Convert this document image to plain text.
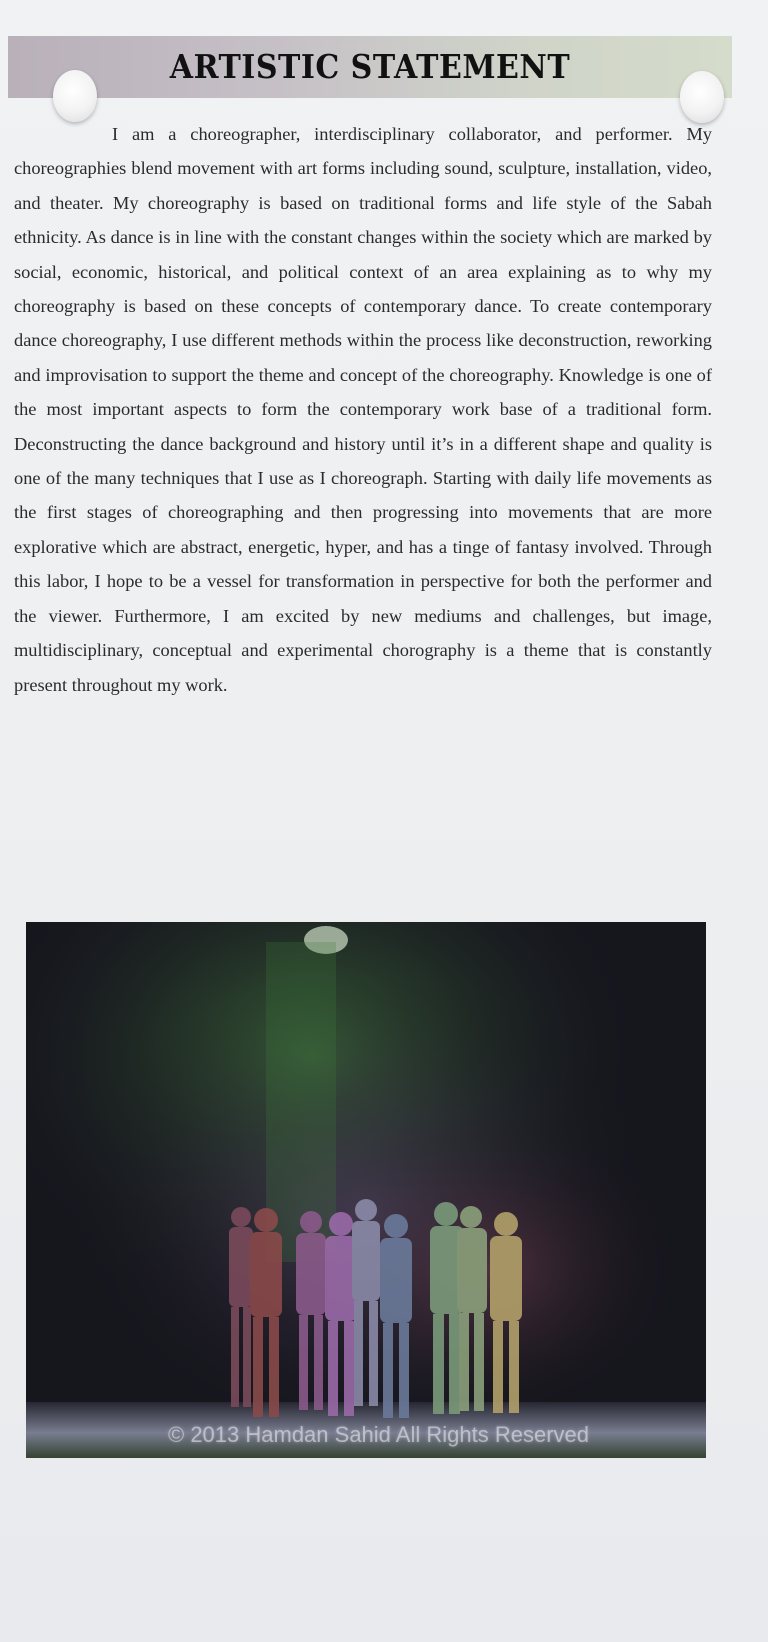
ARTISTIC STATEMENT

I am a choreographer, interdisciplinary collaborator, and performer. My choreographies blend movement with art forms including sound, sculpture, installation, video, and theater. My choreography is based on traditional forms and life style of the Sabah ethnicity. As dance is in line with the constant changes within the society which are marked by social, economic, historical, and political context of an area explaining as to why my choreography is based on these concepts of contemporary dance. To create contemporary dance choreography, I use different methods within the process like deconstruction, reworking and improvisation to support the theme and concept of the choreography. Knowledge is one of the most important aspects to form the contemporary work base of a traditional form. Deconstructing the dance background and history until it’s in a different shape and quality is one of the many techniques that I use as I choreograph. Starting with daily life movements as the first stages of choreographing and then progressing into movements that are more explorative which are abstract, energetic, hyper, and has a tinge of fantasy involved. Through this labor, I hope to be a vessel for transformation in perspective for both the performer and the viewer. Furthermore, I am excited by new mediums and challenges, but image, multidisciplinary, conceptual and experimental chorography is a theme that is constantly present throughout my work.

© 2013 Hamdan Sahid All Rights Reserved
